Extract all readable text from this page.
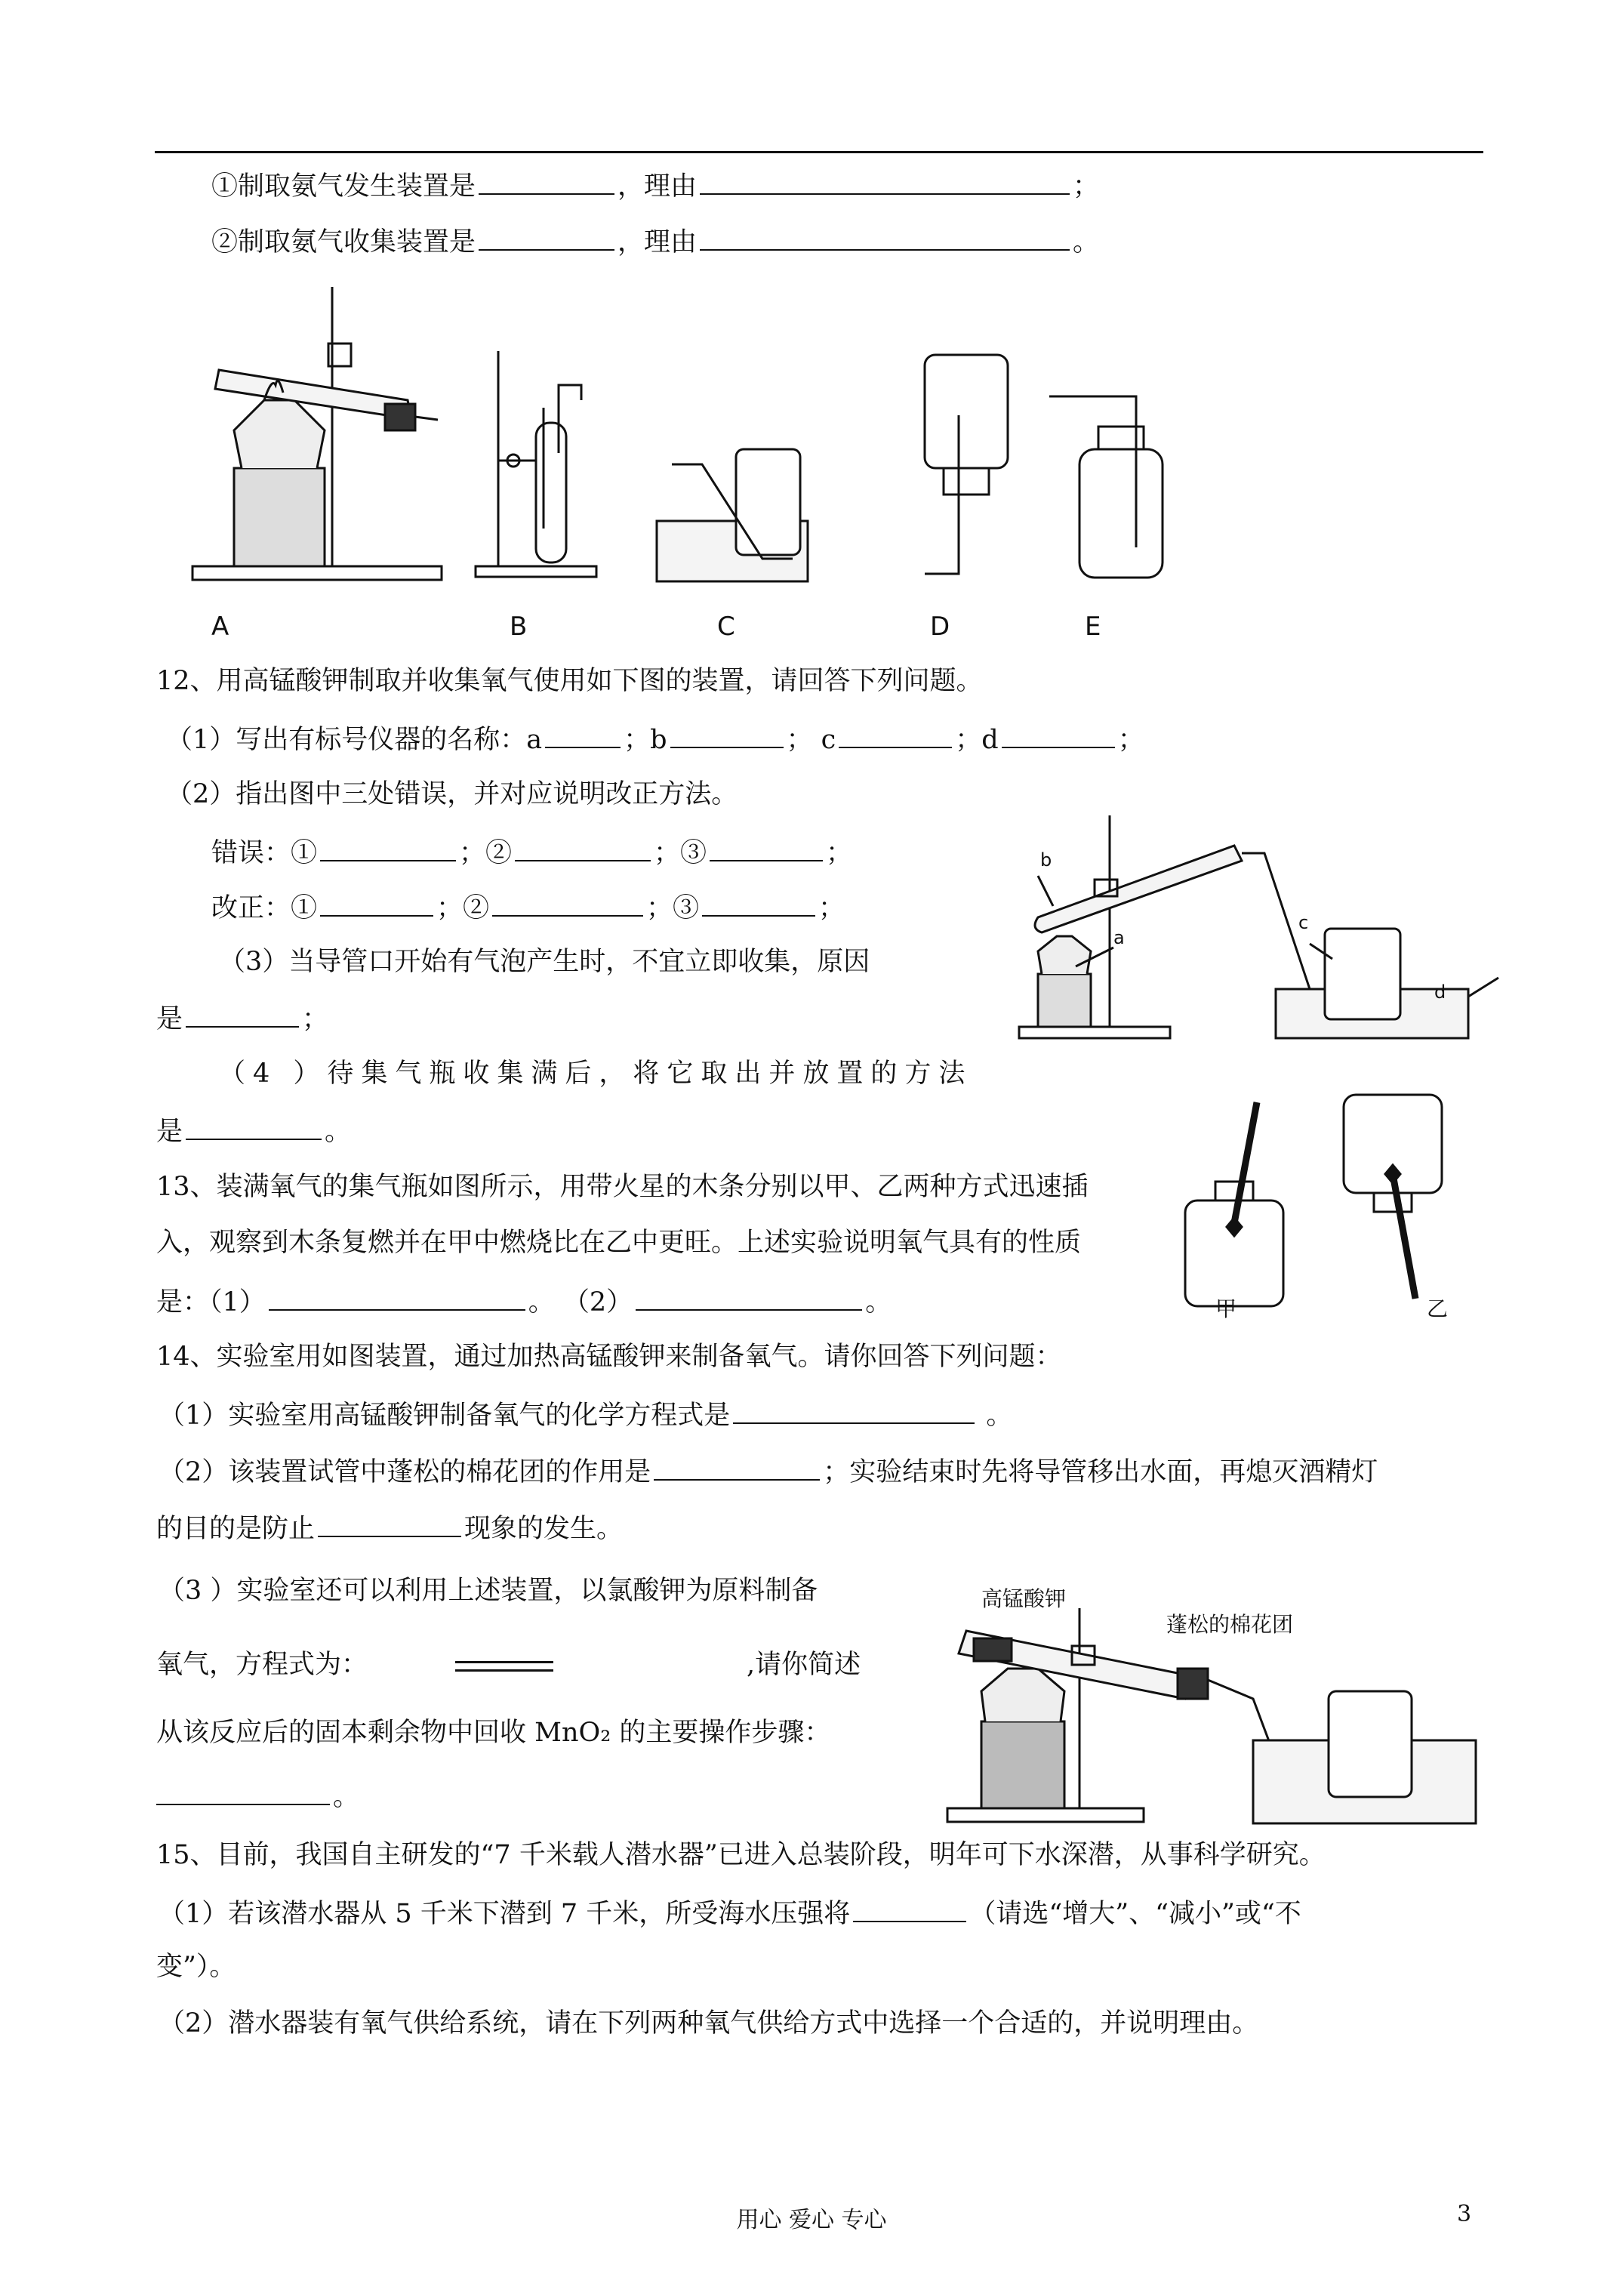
①制取氨气发生装置是	，理由	；
②制取氨气收集装置是	，理由	。
A	B	C	D	E
12、用高锰酸钾制取并收集氧气使用如下图的装置，请回答下列问题。
（1）写出有标号仪器的名称：a	；b	； c	；d	；
（2）指出图中三处错误，并对应说明改正方法。
错误：①	；②	；③	；
改正：①	；②	；③	；
（3）当导管口开始有气泡产生时，不宜立即收集，原因
是	；
（4 ）待集气瓶收集满后，将它取出并放置的方法
是	。
b
a
c
d
13、装满氧气的集气瓶如图所示，用带火星的木条分别以甲、乙两种方式迅速插
入，观察到木条复燃并在甲中燃烧比在乙中更旺。上述实验说明氧气具有的性质
是：（1）	。 （2）	。	甲	乙
14、实验室用如图装置，通过加热高锰酸钾来制备氧气。请你回答下列问题：
（1）实验室用高锰酸钾制备氧气的化学方程式是	。
（2）该装置试管中蓬松的棉花团的作用是	；实验结束时先将导管移出水面，再熄灭酒精灯
的目的是防止	现象的发生。
（3 ）实验室还可以利用上述装置，以氯酸钾为原料制备
氧气，方程式为：	,请你简述
从该反应后的固本剩余物中回收 MnO₂ 的主要操作步骤：
。
高锰酸钾
蓬松的棉花团
15、目前，我国自主研发的“7 千米载人潜水器”已进入总装阶段，明年可下水深潜，从事科学研究。
（1）若该潜水器从 5 千米下潜到 7 千米，所受海水压强将	（请选“增大”、“减小”或“不
变”）。
（2）潜水器装有氧气供给系统，请在下列两种氧气供给方式中选择一个合适的，并说明理由。
用心 爱心 专心	3
